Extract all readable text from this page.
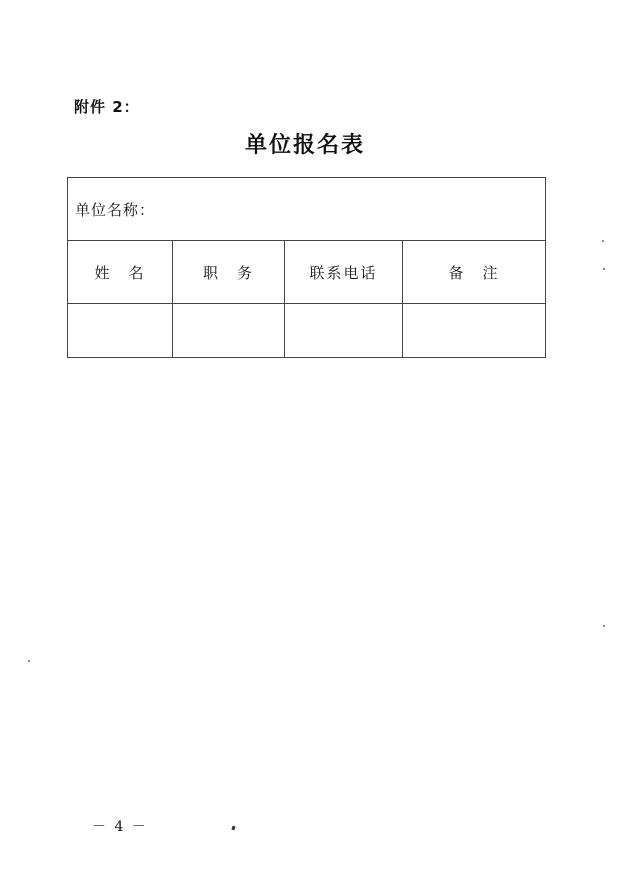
附件 2：
单位报名表
单位名称：			
姓　名	职　务	联系电话	备　注

－ 4 －
